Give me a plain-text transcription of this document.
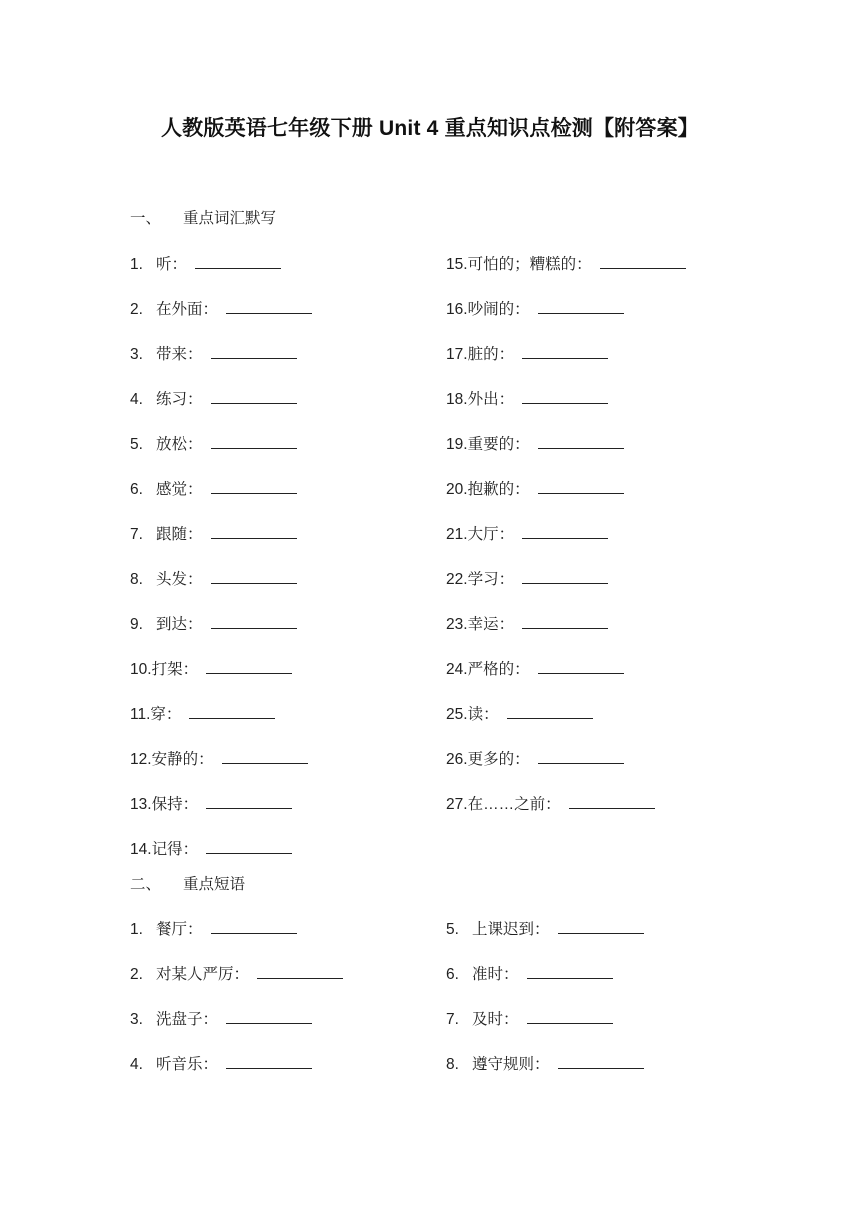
人教版英语七年级下册 Unit 4 重点知识点检测【附答案】
一、 重点词汇默写
1. 听：
2. 在外面：
3. 带来：
4. 练习：
5. 放松：
6. 感觉：
7. 跟随：
8. 头发：
9. 到达：
10.打架：
11.穿：
12.安静的：
13.保持：
14.记得：
15.可怕的；糟糕的：
16.吵闹的：
17.脏的：
18.外出：
19.重要的：
20.抱歉的：
21.大厅：
22.学习：
23.幸运：
24.严格的：
25.读：
26.更多的：
27.在……之前：
二、 重点短语
1. 餐厅：
2. 对某人严厉：
3. 洗盘子：
4. 听音乐：
5. 上课迟到：
6. 准时：
7. 及时：
8. 遵守规则：
